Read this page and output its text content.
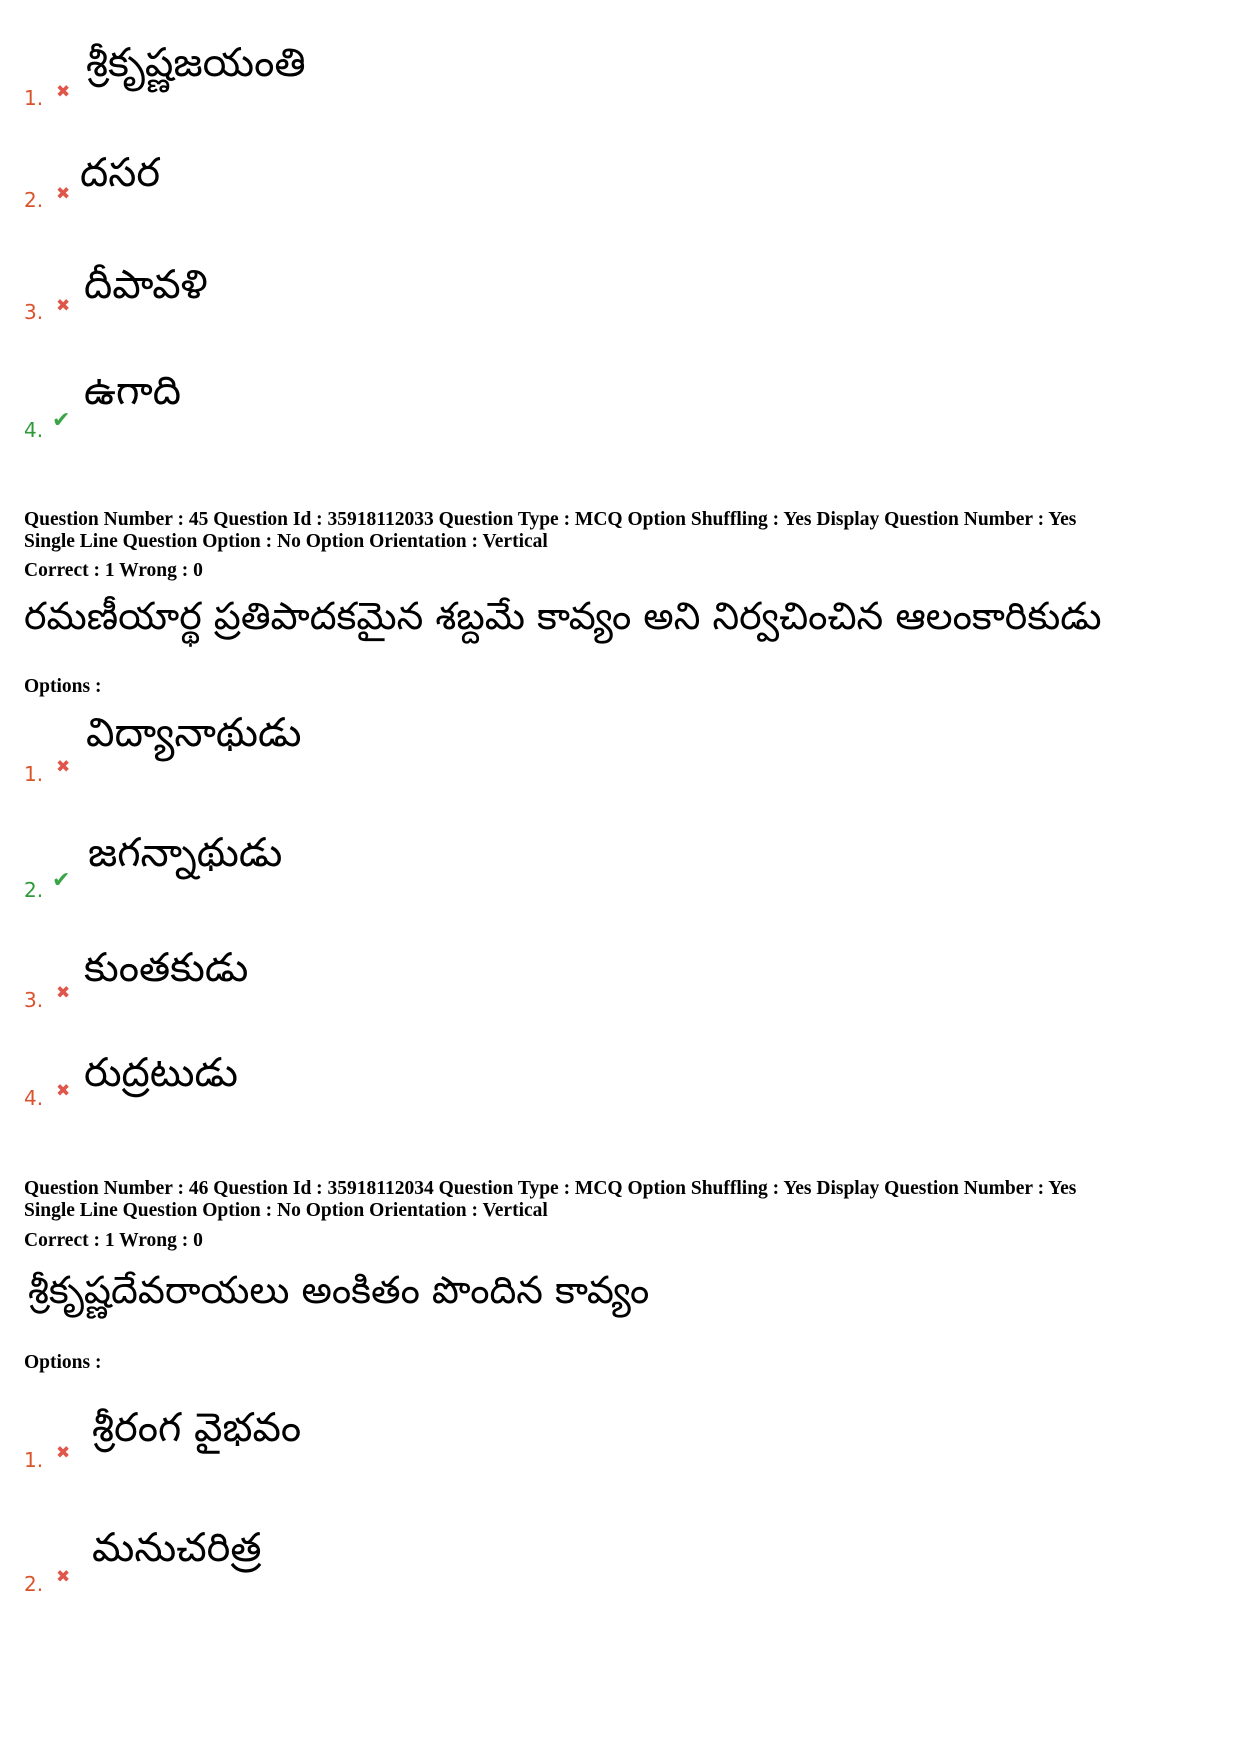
1. ✖
శ్రీకృష్ణజయంతి
2. ✖ దసర
3. ✖ దీపావళి
4. ✔
ఉగాది
Question Number : 45 Question Id : 35918112033 Question Type : MCQ Option Shuffling : Yes Display Question Number : Yes
Single Line Question Option : No Option Orientation : Vertical
Correct : 1 Wrong : 0
రమణీయార్థ ప్రతిపాదకమైన శబ్దమే కావ్యం అని నిర్వచించిన ఆలంకారికుడు
Options :
1. ✖
విద్యానాథుడు
2. ✔
జగన్నాథుడు
3. ✖
కుంతకుడు
4. ✖ రుద్రటుడు
Question Number : 46 Question Id : 35918112034 Question Type : MCQ Option Shuffling : Yes Display Question Number : Yes
Single Line Question Option : No Option Orientation : Vertical
Correct : 1 Wrong : 0
శ్రీకృష్ణదేవరాయలు అంకితం పొందిన కావ్యం
Options :
1. ✖
శ్రీరంగ వైభవం
2. ✖
మనుచరిత్ర
